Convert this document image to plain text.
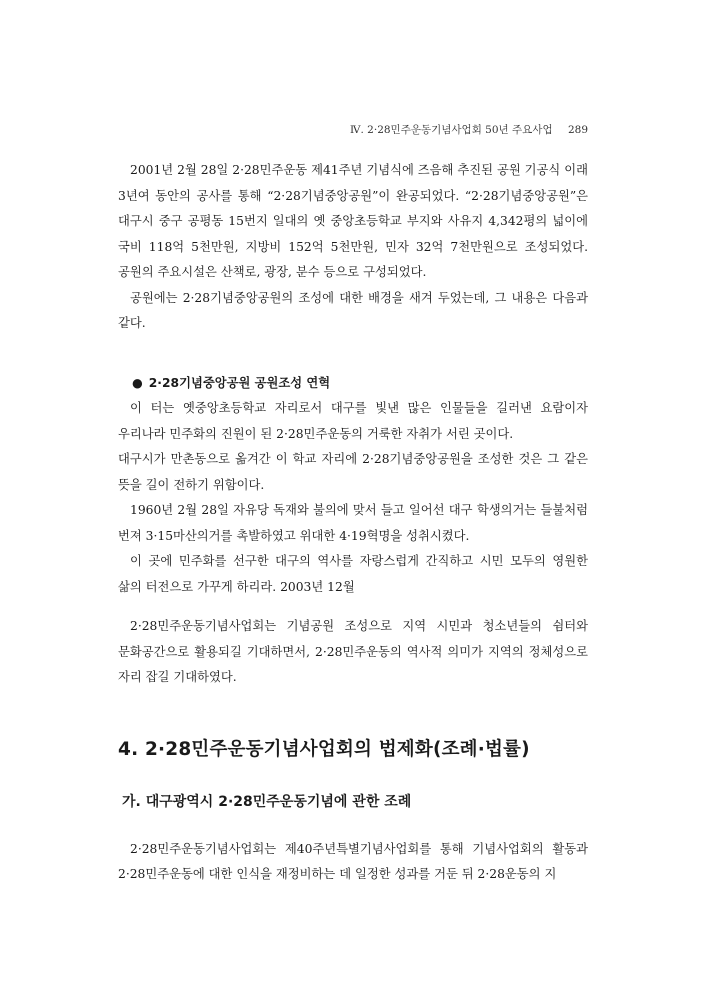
Ⅳ. 2·28민주운동기념사업회 50년 주요사업 289

2001년 2월 28일 2·28민주운동 제41주년 기념식에 즈음해 추진된 공원 기공식 이래 3년여 동안의 공사를 통해 “2·28기념중앙공원”이 완공되었다. “2·28기념중앙공원”은 대구시 중구 공평동 15번지 일대의 옛 중앙초등학교 부지와 사유지 4,342평의 넓이에 국비 118억 5천만원, 지방비 152억 5천만원, 민자 32억 7천만원으로 조성되었다. 공원의 주요시설은 산책로, 광장, 분수 등으로 구성되었다.

공원에는 2·28기념중앙공원의 조성에 대한 배경을 새겨 두었는데, 그 내용은 다음과 같다.

● 2·28기념중앙공원 공원조성 연혁

이 터는 옛중앙초등학교 자리로서 대구를 빛낸 많은 인물들을 길러낸 요람이자 우리나라 민주화의 진원이 된 2·28민주운동의 거룩한 자취가 서린 곳이다.

대구시가 만촌동으로 옮겨간 이 학교 자리에 2·28기념중앙공원을 조성한 것은 그 같은 뜻을 길이 전하기 위함이다.

1960년 2월 28일 자유당 독재와 불의에 맞서 들고 일어선 대구 학생의거는 들불처럼 번져 3·15마산의거를 촉발하였고 위대한 4·19혁명을 성취시켰다.

이 곳에 민주화를 선구한 대구의 역사를 자랑스럽게 간직하고 시민 모두의 영원한 삶의 터전으로 가꾸게 하리라. 2003년 12월

2·28민주운동기념사업회는 기념공원 조성으로 지역 시민과 청소년들의 쉼터와 문화공간으로 활용되길 기대하면서, 2·28민주운동의 역사적 의미가 지역의 정체성으로 자리 잡길 기대하였다.

4. 2·28민주운동기념사업회의 법제화(조례·법률)
가. 대구광역시 2·28민주운동기념에 관한 조례

2·28민주운동기념사업회는 제40주년특별기념사업회를 통해 기념사업회의 활동과 2·28민주운동에 대한 인식을 재정비하는 데 일정한 성과를 거둔 뒤 2·28운동의 지
